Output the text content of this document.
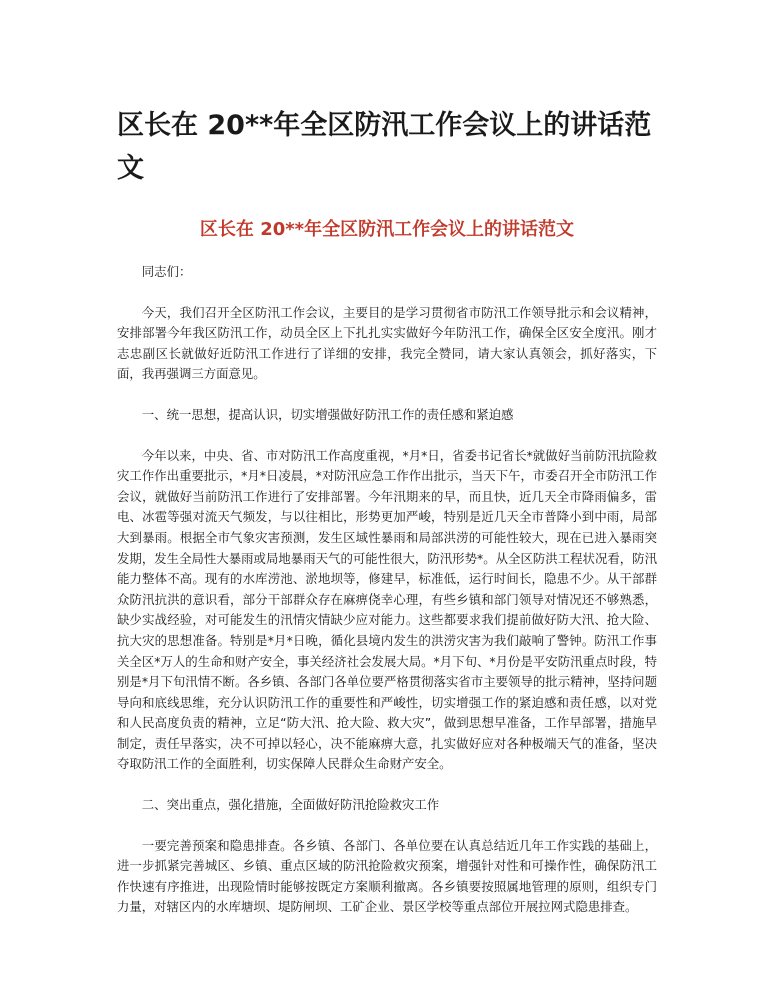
区长在 20**年全区防汛工作会议上的讲话范文
区长在 20**年全区防汛工作会议上的讲话范文

同志们：

今天，我们召开全区防汛工作会议，主要目的是学习贯彻省市防汛工作领导批示和会议精神，安排部署今年我区防汛工作，动员全区上下扎扎实实做好今年防汛工作，确保全区安全度汛。刚才志忠副区长就做好近防汛工作进行了详细的安排，我完全赞同，请大家认真领会，抓好落实，下面，我再强调三方面意见。

一、统一思想，提高认识，切实增强做好防汛工作的责任感和紧迫感

今年以来，中央、省、市对防汛工作高度重视，*月*日，省委书记省长*就做好当前防汛抗险救灾工作作出重要批示，*月*日凌晨，*对防汛应急工作作出批示，当天下午，市委召开全市防汛工作会议，就做好当前防汛工作进行了安排部署。今年汛期来的早，而且快，近几天全市降雨偏多，雷电、冰雹等强对流天气频发，与以往相比，形势更加严峻，特别是近几天全市普降小到中雨，局部大到暴雨。根据全市气象灾害预测，发生区域性暴雨和局部洪涝的可能性较大，现在已进入暴雨突发期，发生全局性大暴雨或局地暴雨天气的可能性很大，防汛形势*。从全区防洪工程状况看，防汛能力整体不高。现有的水库涝池、淤地坝等，修建早，标准低，运行时间长，隐患不少。从干部群众防汛抗洪的意识看，部分干部群众存在麻痹侥幸心理，有些乡镇和部门领导对情况还不够熟悉，缺少实战经验，对可能发生的汛情灾情缺少应对能力。这些都要求我们提前做好防大汛、抢大险、抗大灾的思想准备。特别是*月*日晚，循化县境内发生的洪涝灾害为我们敲响了警钟。防汛工作事关全区*万人的生命和财产安全，事关经济社会发展大局。*月下旬、*月份是平安防汛重点时段，特别是*月下旬汛情不断。各乡镇、各部门各单位要严格贯彻落实省市主要领导的批示精神，坚持问题导向和底线思维，充分认识防汛工作的重要性和严峻性，切实增强工作的紧迫感和责任感，以对党和人民高度负责的精神，立足“防大汛、抢大险、救大灾”，做到思想早准备，工作早部署，措施早制定，责任早落实，决不可掉以轻心，决不能麻痹大意，扎实做好应对各种极端天气的准备，坚决夺取防汛工作的全面胜利，切实保障人民群众生命财产安全。

二、突出重点，强化措施，全面做好防汛抢险救灾工作

一要完善预案和隐患排查。各乡镇、各部门、各单位要在认真总结近几年工作实践的基础上，进一步抓紧完善城区、乡镇、重点区域的防汛抢险救灾预案，增强针对性和可操作性，确保防汛工作快速有序推进，出现险情时能够按既定方案顺利撤离。各乡镇要按照属地管理的原则，组织专门力量，对辖区内的水库塘坝、堤防闸坝、工矿企业、景区学校等重点部位开展拉网式隐患排查。
